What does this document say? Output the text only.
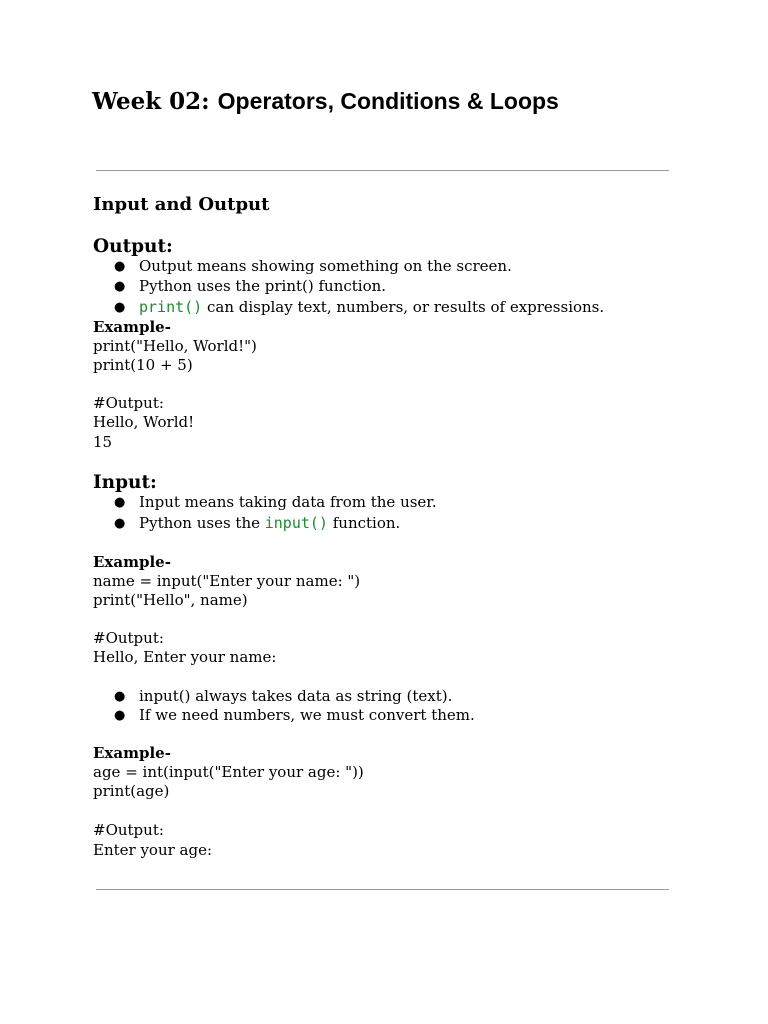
Week 02: Operators, Conditions & Loops
Input and Output
Output:
● Output means showing something on the screen.
● Python uses the print() function.
● print() can display text, numbers, or results of expressions.
Example-
print("Hello, World!")
print(10 + 5)
#Output:
Hello, World!
15
Input:
● Input means taking data from the user.
● Python uses the input() function.
Example-
name = input("Enter your name: ")
print("Hello", name)
#Output:
Hello, Enter your name:
● input() always takes data as string (text).
● If we need numbers, we must convert them.
Example-
age = int(input("Enter your age: "))
print(age)
#Output:
Enter your age:
